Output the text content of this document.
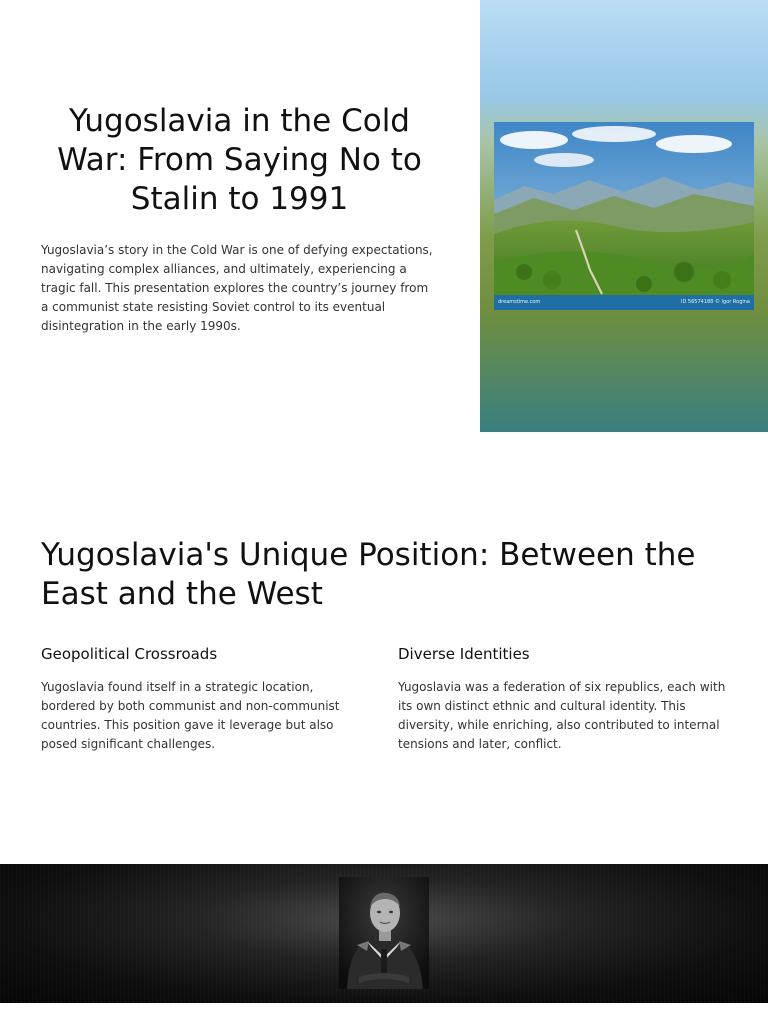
Yugoslavia in the Cold War: From Saying No to Stalin to 1991

Yugoslavia’s story in the Cold War is one of defying expectations, navigating complex alliances, and ultimately, experiencing a tragic fall. This presentation explores the country’s journey from a communist state resisting Soviet control to its eventual disintegration in the early 1990s.

dreamstime.com	ID 56574188 © Igor Rogina
Yugoslavia's Unique Position: Between the East and the West
Geopolitical Crossroads

Yugoslavia found itself in a strategic location, bordered by both communist and non-communist countries. This position gave it leverage but also posed significant challenges.

Diverse Identities

Yugoslavia was a federation of six republics, each with its own distinct ethnic and cultural identity. This diversity, while enriching, also contributed to internal tensions and later, conflict.
